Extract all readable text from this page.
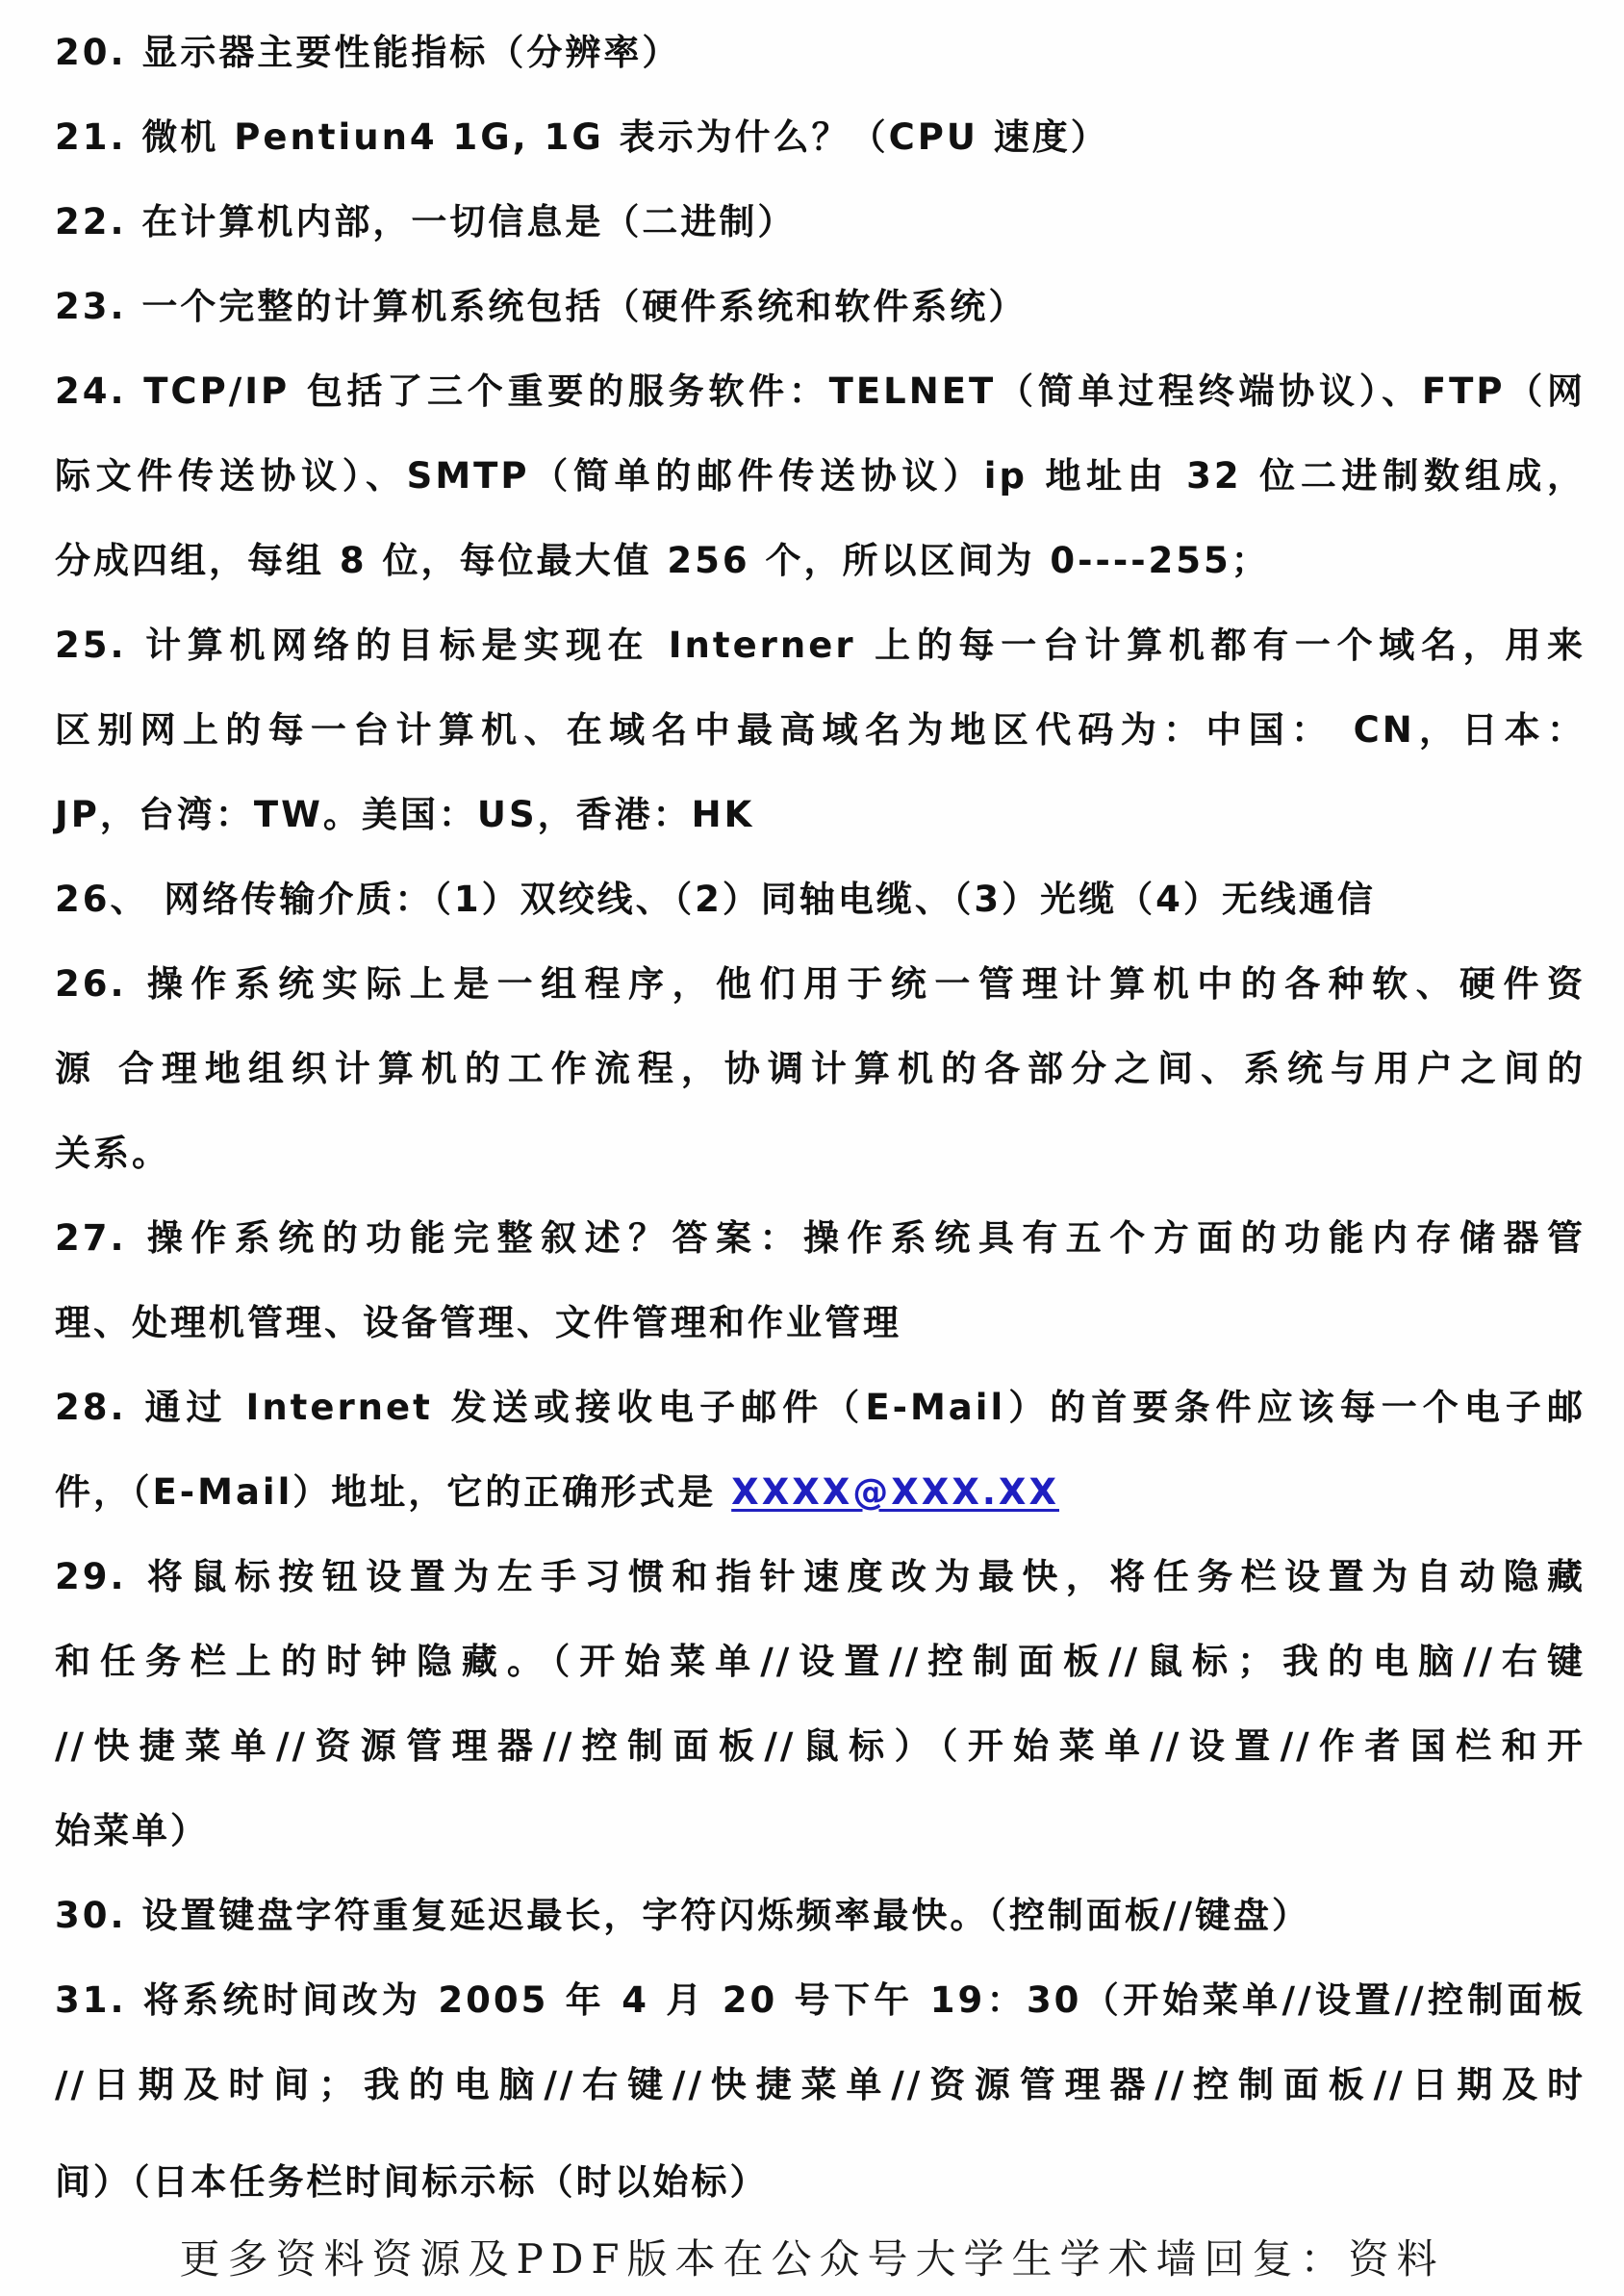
20. 显示器主要性能指标（分辨率）
21. 微机 Pentiun4 1G, 1G 表示为什么？（CPU 速度）
22. 在计算机内部，一切信息是（二进制）
23. 一个完整的计算机系统包括（硬件系统和软件系统）
24. TCP/IP 包括了三个重要的服务软件：TELNET（简单过程终端协议）、FTP（网
际文件传送协议）、SMTP（简单的邮件传送协议）ip 地址由 32 位二进制数组成，
分成四组，每组 8 位，每位最大值 256 个，所以区间为 0----255；
25. 计算机网络的目标是实现在 Interner 上的每一台计算机都有一个域名，用来
区别网上的每一台计算机、在域名中最高域名为地区代码为：中国： CN，日本：
JP，台湾：TW。美国：US，香港：HK
26、 网络传输介质：（1）双绞线、（2）同轴电缆、（3）光缆（4）无线通信
26. 操作系统实际上是一组程序，他们用于统一管理计算机中的各种软、硬件资
源 合理地组织计算机的工作流程，协调计算机的各部分之间、系统与用户之间的
关系。
27. 操作系统的功能完整叙述？答案：操作系统具有五个方面的功能内存储器管
理、处理机管理、设备管理、文件管理和作业管理
28. 通过 Internet 发送或接收电子邮件（E-Mail）的首要条件应该每一个电子邮
件，（E-Mail）地址，它的正确形式是 XXXX@XXX.XX
29. 将鼠标按钮设置为左手习惯和指针速度改为最快，将任务栏设置为自动隐藏
和任务栏上的时钟隐藏。（开始菜单//设置//控制面板//鼠标；我的电脑//右键
//快捷菜单//资源管理器//控制面板//鼠标）（开始菜单//设置//作者国栏和开
始菜单）
30. 设置键盘字符重复延迟最长，字符闪烁频率最快。（控制面板//键盘）
31. 将系统时间改为 2005 年 4 月 20 号下午 19：30（开始菜单//设置//控制面板
//日期及时间；我的电脑//右键//快捷菜单//资源管理器//控制面板//日期及时
间）（日本任务栏时间标示标（时以始标）
更多资料资源及PDF版本在公众号大学生学术墙回复：资料
